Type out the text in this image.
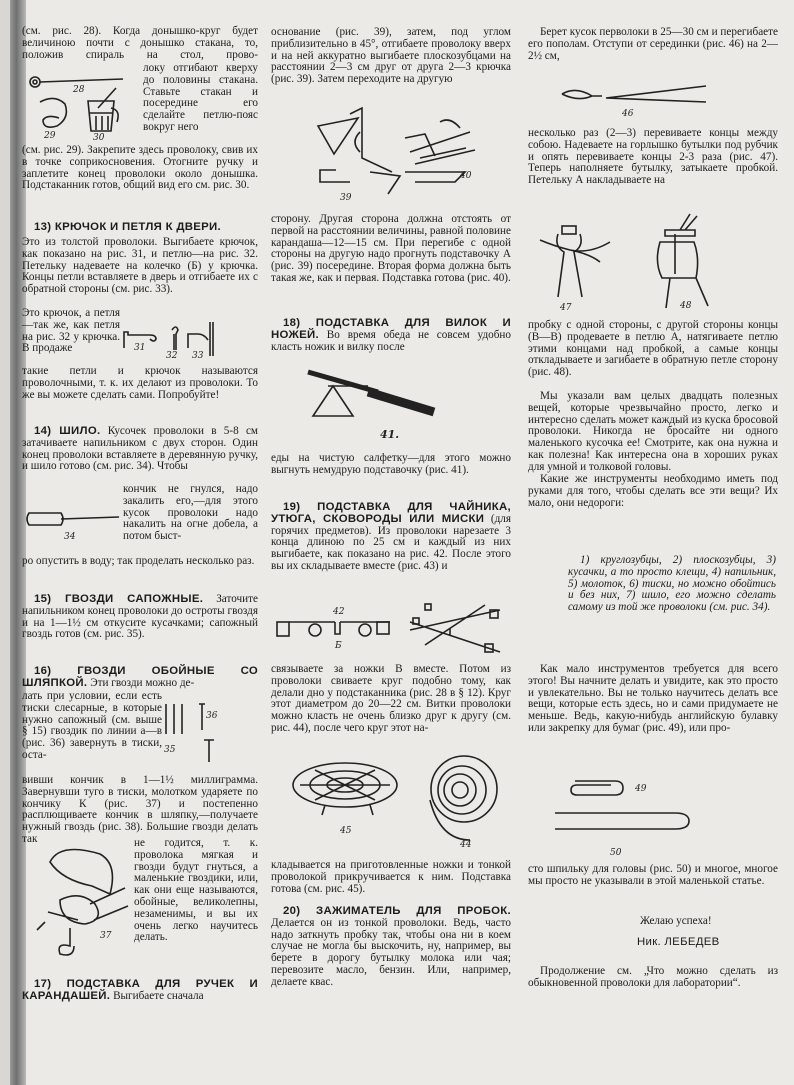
(см. рис. 28). Когда донышко-круг будет величиною почти с донышко стакана, то, положив спираль на стол, прово-
28
29	30
локу отгибают кверху до половины стакана. Ставьте стакан и посередине его сделайте петлю-пояс вокруг него
(см. рис. 29). Закрепите здесь проволоку, свив их в точке соприкосновения. Отогните ручку и заплетите конец проволоки около донышка. Подстаканник готов, общий вид его см. рис. 30.
13) КРЮЧОК И ПЕТЛЯ К ДВЕРИ.
Это из толстой проволоки. Выгибаете крючок, как показано на рис. 31, и петлю—на рис. 32. Петельку надеваете на колечко (Б) у крючка. Концы петли вставляете в дверь и отгибаете их с обратной стороны (см. рис. 33).
Это крючок, а петля—так же, как петля на рис. 32 у крючка. В продаже	31
32 33
такие петли и крючок называются проволочными, т. к. их делают из проволоки. То же вы можете сделать сами. Попробуйте!
14) ШИЛО. Кусочек проволоки в 5-8 см затачиваете напильником с двух сторон. Один конец проволоки вставляете в деревянную ручку, и шило готово (см. рис. 34). Чтобы
34
кончик не гнулся, надо закалить его,—для этого кусок проволоки надо накалить на огне добела, а потом быст-
ро опустить в воду; так проделать несколько раз.
15) ГВОЗДИ САПОЖНЫЕ. Заточите напильником конец проволоки до остроты гвоздя и на 1—1½ см откусите кусачками; сапожный гвоздь готов (см. рис. 35).
16) ГВОЗДИ ОБОЙНЫЕ СО ШЛЯПКОЙ. Эти гвозди можно де-
лать при условии, если есть тиски слесарные, в которые нужно сапожный (см. выше § 15) гвоздик по линии а—в (рис. 36) завернуть в тиски, оста-
36
35
вивши кончик в 1—1½ миллиграмма. Завернувши туго в тиски, молотком ударяете по кончику К (рис. 37) и постепенно расплющиваете кончик в шляпку,—получаете нужный гвоздь (рис. 38). Большие гвозди делать так
37
не годится, т. к. проволока мягкая и гвозди будут гнуться, а маленькие гвоздики, или, как они еще называются, обойные, великолепны, незаменимы, и вы их очень легко научитесь делать.
17) ПОДСТАВКА ДЛЯ РУЧЕК И КАРАНДАШЕЙ. Выгибаете сначала
основание (рис. 39), затем, под углом приблизительно в 45°, отгибаете проволоку вверх и на ней аккуратно выгибаете плоскозубцами на расстоянии 2—3 см друг от друга 2—3 крючка (рис. 39). Затем переходите на другую
39
40
сторону. Другая сторона должна отстоять от первой на расстоянии величины, равной половине карандаша—12—15 см. При перегибе с одной стороны на другую надо прогнуть подставочку А (рис. 39) посередине. Вторая форма должна быть такая же, как и первая. Подставка готова (рис. 40).
18) ПОДСТАВКА ДЛЯ ВИЛОК И НОЖЕЙ. Во время обеда не совсем удобно класть ножик и вилку после
41.
еды на чистую салфетку—для этого можно выгнуть немудрую подставочку (рис. 41).
19) ПОДСТАВКА ДЛЯ ЧАЙНИКА, УТЮГА, СКОВОРОДЫ ИЛИ МИСКИ (для горячих предметов). Из проволоки нарезаете 3 конца длиною по 25 см и каждый из них выгибаете, как показано на рис. 42. После этого вы их складываете вместе (рис. 43) и
42
Б
связываете за ножки В вместе. Потом из проволоки свиваете круг подобно тому, как делали дно у подстаканника (рис. 28 в § 12). Круг этот диаметром до 20—22 см. Витки проволоки можно класть не очень близко друг к другу (см. рис. 44), после чего круг этот на-
45
44
кладывается на приготовленные ножки и тонкой проволокой прикручивается к ним. Подставка готова (см. рис. 45).
20) ЗАЖИМАТЕЛЬ ДЛЯ ПРОБОК. Делается он из тонкой проволоки. Ведь, часто надо заткнуть пробку так, чтобы она ни в коем случае не могла бы выскочить, ну, например, вы берете в дорогу бутылку молока или чая; перевозите масло, бензин. Или, например, делаете квас.
Берет кусок перволоки в 25—30 см и перегибаете его пополам. Отступи от серединки (рис. 46) на 2—2½ см,
46
несколько раз (2—3) перевиваете концы между собою. Надеваете на горлышко бутылки под рубчик и опять перевиваете концы 2-3 раза (рис. 47). Теперь наполняете бутылку, затыкаете пробкой. Петельку А накладываете на
47	48
пробку с одной стороны, с другой стороны концы (В—В) продеваете в петлю А, натягиваете петлю этими концами над пробкой, а самые концы откладываете и загибаете в обратную петле сторону (рис. 48).
Мы указали вам целых двадцать полезных вещей, которые чрезвычайно просто, легко и интересно сделать может каждый из куска бросовой проволоки. Никогда не бросайте ни одного маленького кусочка ее! Смотрите, как она нужна и как полезна! Как интересна она в хороших руках для умной и толковой головы.
Какие же инструменты необходимо иметь под руками для того, чтобы сделать все эти вещи? Их мало, они недороги:
1) круглозубцы, 2) плоскозубцы, 3) кусачки, а то просто клещи, 4) напильник, 5) молоток, 6) тиски, но можно обойтись и без них, 7) шило, его можно сделать самому из той же проволоки (см. рис. 34).
Как мало инструментов требуется для всего этого! Вы начните делать и увидите, как это просто и увлекательно. Вы не только научитесь делать все вещи, которые есть здесь, но и сами придумаете не меньше. Ведь, какую-нибудь английскую булавку или закрепку для бумаг (рис. 49), или про-
49
50
сто шпильку для головы (рис. 50) и многое, многое мы просто не указывали в этой маленькой статье.
Желаю успеха!
Ник. ЛЕБЕДЕВ
Продолжение см. „Что можно сделать из обыкновенной проволоки для лаборатории“.
